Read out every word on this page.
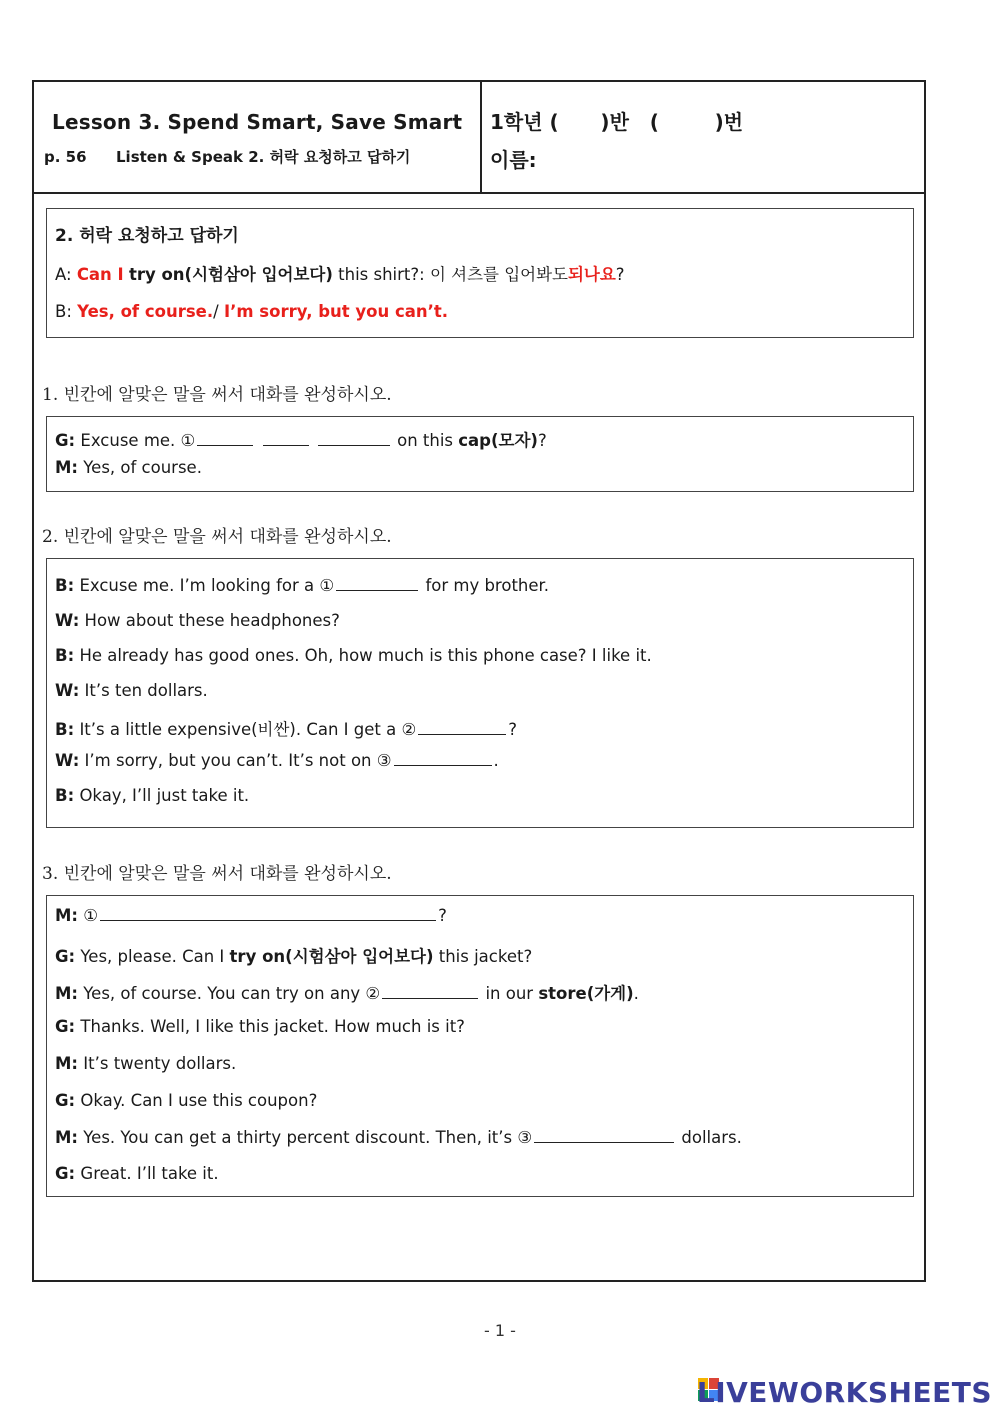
Lesson 3. Spend Smart, Save Smart
p. 56 Listen & Speak 2. 허락 요청하고 답하기
1학년 (      )반   (        )번
이름:
2. 허락 요청하고 답하기
A: Can I try on(시험삼아 입어보다) this shirt?: 이 셔츠를 입어봐도되나요?
B: Yes, of course./ I’m sorry, but you can’t.
1. 빈칸에 알맞은 말을 써서 대화를 완성하시오.
G: Excuse me. ①	on this cap(모자)?
M: Yes, of course.
2. 빈칸에 알맞은 말을 써서 대화를 완성하시오.
B: Excuse me. I’m looking for a ①	for my brother.
W: How about these headphones?
B: He already has good ones. Oh, how much is this phone case? I like it.
W: It’s ten dollars.
B: It’s a little expensive(비싼). Can I get a ②	?
W: I’m sorry, but you can’t. It’s not on ③	.
B: Okay, I’ll just take it.
3. 빈칸에 알맞은 말을 써서 대화를 완성하시오.
M: ①	?
G: Yes, please. Can I try on(시험삼아 입어보다) this jacket?
M: Yes, of course. You can try on any ②	in our store(가게).
G: Thanks. Well, I like this jacket. How much is it?
M: It’s twenty dollars.
G: Okay. Can I use this coupon?
M: Yes. You can get a thirty percent discount. Then, it’s ③	dollars.
G: Great. I’ll take it.
- 1 -
LIVEWORKSHEETS
